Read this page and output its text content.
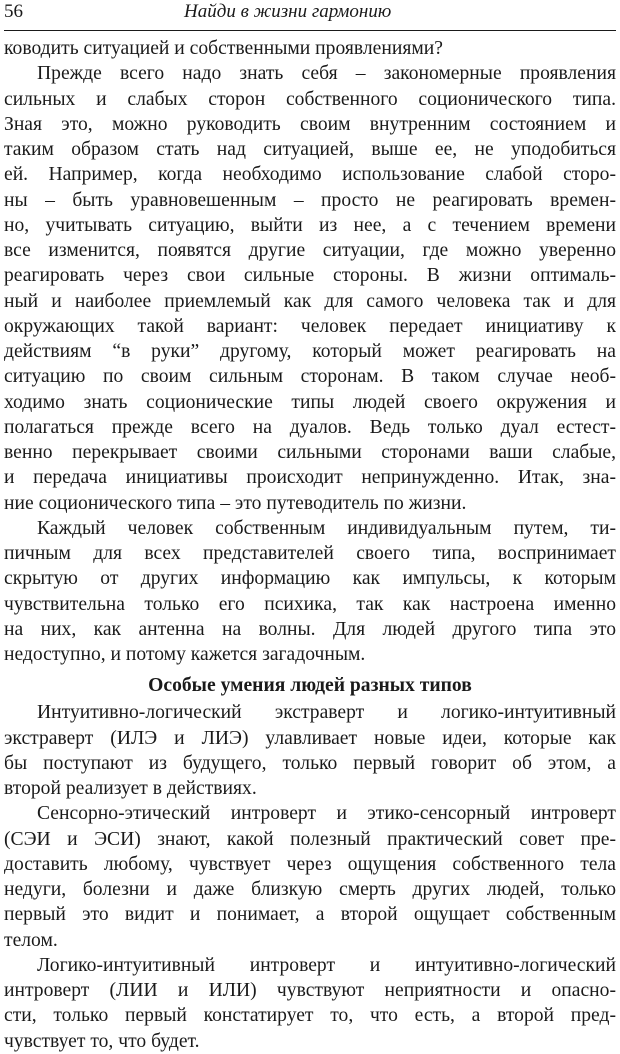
56	Найди в жизни гармонию
ководить ситуацией и собственными проявлениями?
Прежде всего надо знать себя – закономерные проявления
сильных и слабых сторон собственного соционического типа.
Зная это, можно руководить своим внутренним состоянием и
таким образом стать над ситуацией, выше ее, не уподобиться
ей. Например, когда необходимо использование слабой сторо-
ны – быть уравновешенным – просто не реагировать времен-
но, учитывать ситуацию, выйти из нее, а с течением времени
все изменится, появятся другие ситуации, где можно уверенно
реагировать через свои сильные стороны. В жизни оптималь-
ный и наиболее приемлемый как для самого человека так и для
окружающих такой вариант: человек передает инициативу к
действиям “в руки” другому, который может реагировать на
ситуацию по своим сильным сторонам. В таком случае необ-
ходимо знать соционические типы людей своего окружения и
полагаться прежде всего на дуалов. Ведь только дуал естест-
венно перекрывает своими сильными сторонами ваши слабые,
и передача инициативы происходит непринужденно. Итак, зна-
ние соционического типа – это путеводитель по жизни.
Каждый человек собственным индивидуальным путем, ти-
пичным для всех представителей своего типа, воспринимает
скрытую от других информацию как импульсы, к которым
чувствительна только его психика, так как настроена именно
на них, как антенна на волны. Для людей другого типа это
недоступно, и потому кажется загадочным.
Особые умения людей разных типов
Интуитивно-логический экстраверт и логико-интуитивный
экстраверт (ИЛЭ и ЛИЭ) улавливает новые идеи, которые как
бы поступают из будущего, только первый говорит об этом, а
второй реализует в действиях.
Сенсорно-этический интроверт и этико-сенсорный интроверт
(СЭИ и ЭСИ) знают, какой полезный практический совет пре-
доставить любому, чувствует через ощущения собственного тела
недуги, болезни и даже близкую смерть других людей, только
первый это видит и понимает, а второй ощущает собственным
телом.
Логико-интуитивный интроверт и интуитивно-логический
интроверт (ЛИИ и ИЛИ) чувствуют неприятности и опасно-
сти, только первый констатирует то, что есть, а второй пред-
чувствует то, что будет.
